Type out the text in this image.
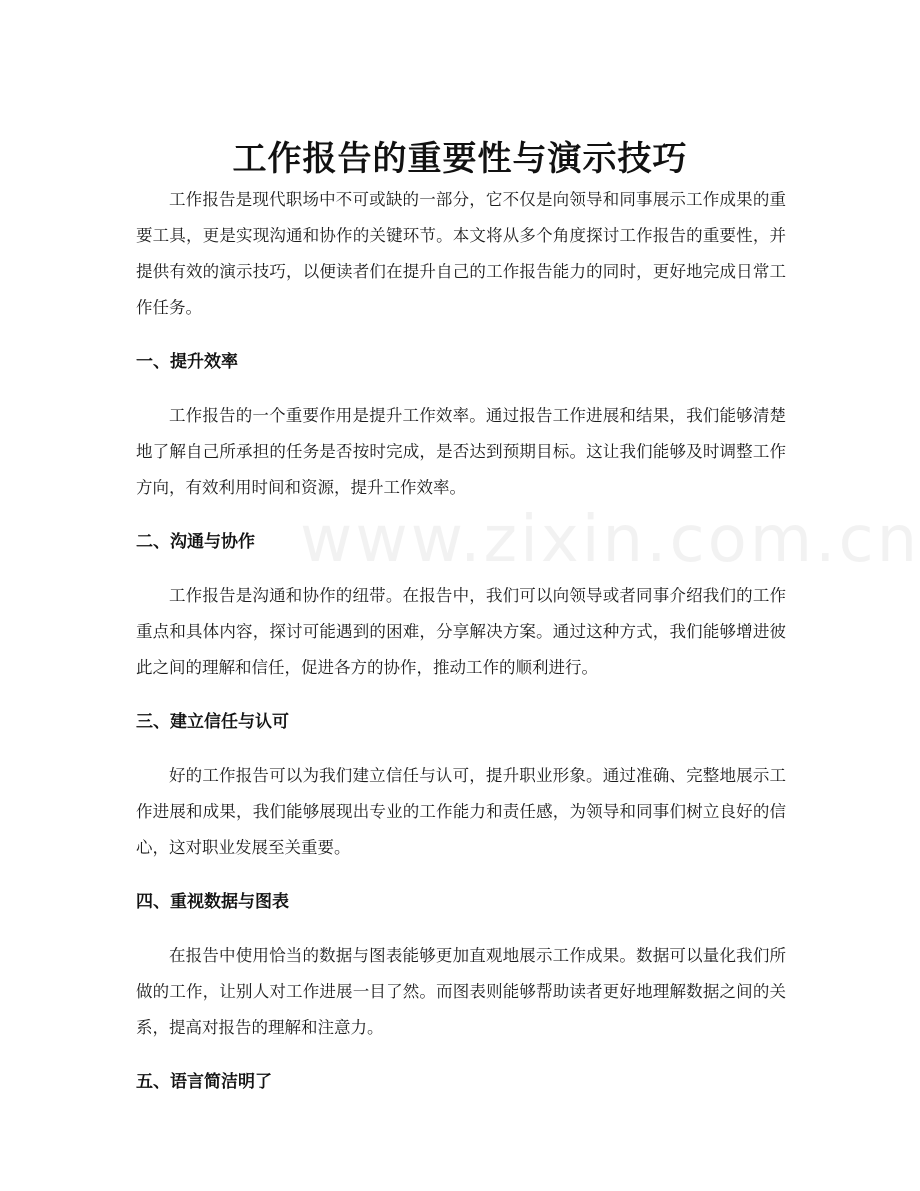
www.zixin.com.cn
工作报告的重要性与演示技巧

工作报告是现代职场中不可或缺的一部分，它不仅是向领导和同事展示工作成果的重要工具，更是实现沟通和协作的关键环节。本文将从多个角度探讨工作报告的重要性，并提供有效的演示技巧，以便读者们在提升自己的工作报告能力的同时，更好地完成日常工作任务。

一、提升效率

工作报告的一个重要作用是提升工作效率。通过报告工作进展和结果，我们能够清楚地了解自己所承担的任务是否按时完成，是否达到预期目标。这让我们能够及时调整工作方向，有效利用时间和资源，提升工作效率。

二、沟通与协作

工作报告是沟通和协作的纽带。在报告中，我们可以向领导或者同事介绍我们的工作重点和具体内容，探讨可能遇到的困难，分享解决方案。通过这种方式，我们能够增进彼此之间的理解和信任，促进各方的协作，推动工作的顺利进行。

三、建立信任与认可

好的工作报告可以为我们建立信任与认可，提升职业形象。通过准确、完整地展示工作进展和成果，我们能够展现出专业的工作能力和责任感，为领导和同事们树立良好的信心，这对职业发展至关重要。

四、重视数据与图表

在报告中使用恰当的数据与图表能够更加直观地展示工作成果。数据可以量化我们所做的工作，让别人对工作进展一目了然。而图表则能够帮助读者更好地理解数据之间的关系，提高对报告的理解和注意力。

五、语言简洁明了
